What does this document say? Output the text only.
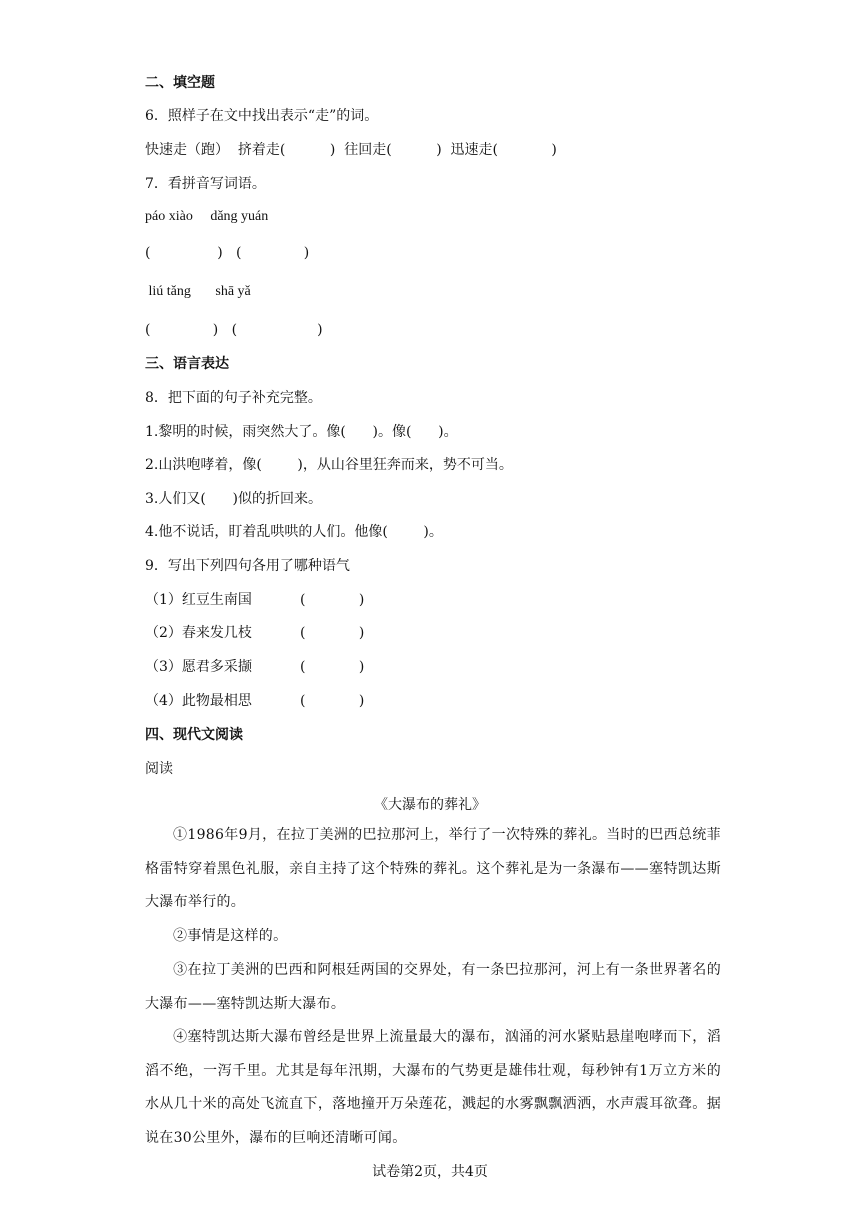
二、填空题
6．照样子在文中找出表示“走”的词。
快速走（跑）  挤着走(          )  往回走(          )  迅速走(            )
7．看拼音写词语。
páo xiào     dǎng yuán
(               )   (              )
liú tǎng       shā yǎ
(              )   (                  )
三、语言表达
8．把下面的句子补充完整。
1.黎明的时候，雨突然大了。像(      )。像(      )。
2.山洪咆哮着，像(        )，从山谷里狂奔而来，势不可当。
3.人们又(      )似的折回来。
4.他不说话，盯着乱哄哄的人们。他像(        )。
9．写出下列四句各用了哪种语气
（1）红豆生南国	(            )
（2）春来发几枝	(            )
（3）愿君多采撷	(            )
（4）此物最相思	(            )
四、现代文阅读
阅读
《大瀑布的葬礼》
①1986年9月，在拉丁美洲的巴拉那河上，举行了一次特殊的葬礼。当时的巴西总统菲格雷特穿着黑色礼服，亲自主持了这个特殊的葬礼。这个葬礼是为一条瀑布——塞特凯达斯大瀑布举行的。
②事情是这样的。
③在拉丁美洲的巴西和阿根廷两国的交界处，有一条巴拉那河，河上有一条世界著名的大瀑布——塞特凯达斯大瀑布。
④塞特凯达斯大瀑布曾经是世界上流量最大的瀑布，汹涌的河水紧贴悬崖咆哮而下，滔滔不绝，一泻千里。尤其是每年汛期，大瀑布的气势更是雄伟壮观，每秒钟有1万立方米的水从几十米的高处飞流直下，落地撞开万朵莲花，溅起的水雾飘飘洒洒，水声震耳欲聋。据说在30公里外，瀑布的巨响还清晰可闻。
试卷第2页，共4页
